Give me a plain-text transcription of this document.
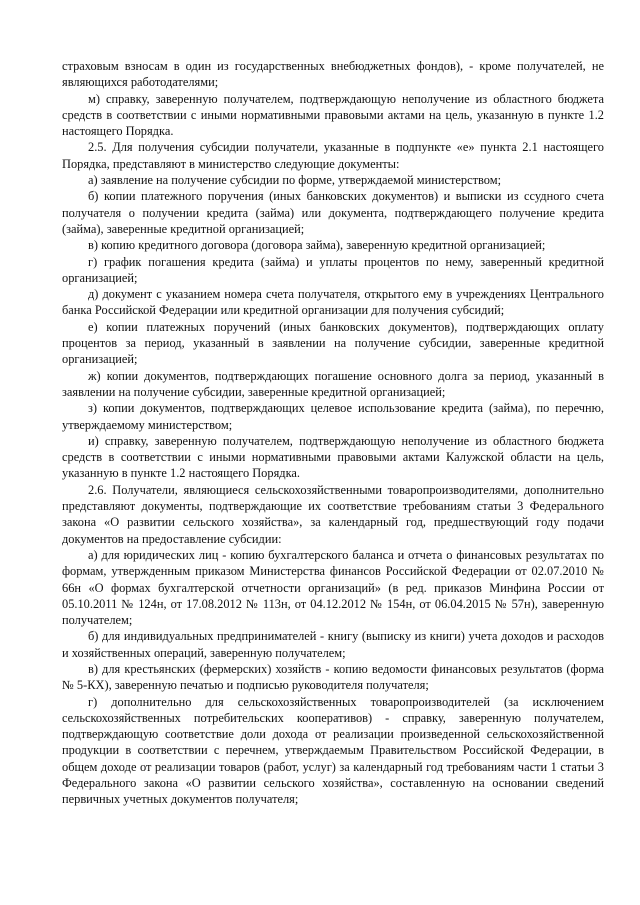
страховым взносам в один из государственных внебюджетных фондов), - кроме получателей, не являющихся работодателями;

м) справку, заверенную получателем, подтверждающую неполучение из областного бюджета средств в соответствии с иными нормативными правовыми актами на цель, указанную в пункте 1.2 настоящего Порядка.

2.5. Для получения субсидии получатели, указанные в подпункте «е» пункта 2.1 настоящего Порядка, представляют в министерство следующие документы:

а) заявление на получение субсидии по форме, утверждаемой министерством;

б) копии платежного поручения (иных банковских документов) и выписки из ссудного счета получателя о получении кредита (займа) или документа, подтверждающего получение кредита (займа), заверенные кредитной организацией;

в) копию кредитного договора (договора займа), заверенную кредитной организацией;

г) график погашения кредита (займа) и уплаты процентов по нему, заверенный кредитной организацией;

д) документ с указанием номера счета получателя, открытого ему в учреждениях Центрального банка Российской Федерации или кредитной организации для получения субсидий;

е) копии платежных поручений (иных банковских документов), подтверждающих оплату процентов за период, указанный в заявлении на получение субсидии, заверенные кредитной организацией;

ж) копии документов, подтверждающих погашение основного долга за период, указанный в заявлении на получение субсидии, заверенные кредитной организацией;

з) копии документов, подтверждающих целевое использование кредита (займа), по перечню, утверждаемому министерством;

и) справку, заверенную получателем, подтверждающую неполучение из областного бюджета средств в соответствии с иными нормативными правовыми актами Калужской области на цель, указанную в пункте 1.2 настоящего Порядка.

2.6. Получатели, являющиеся сельскохозяйственными товаропроизводителями, дополнительно представляют документы, подтверждающие их соответствие требованиям статьи 3 Федерального закона «О развитии сельского хозяйства», за календарный год, предшествующий году подачи документов на предоставление субсидии:

а) для юридических лиц - копию бухгалтерского баланса и отчета о финансовых результатах по формам, утвержденным приказом Министерства финансов Российской Федерации от 02.07.2010 № 66н «О формах бухгалтерской отчетности организаций» (в ред. приказов Минфина России от 05.10.2011 № 124н, от 17.08.2012 № 113н, от 04.12.2012 № 154н, от 06.04.2015 № 57н), заверенную получателем;

б) для индивидуальных предпринимателей - книгу (выписку из книги) учета доходов и расходов и хозяйственных операций, заверенную получателем;

в) для крестьянских (фермерских) хозяйств - копию ведомости финансовых результатов (форма № 5-КХ), заверенную печатью и подписью руководителя получателя;

г) дополнительно для сельскохозяйственных товаропроизводителей (за исключением сельскохозяйственных потребительских кооперативов) - справку, заверенную получателем, подтверждающую соответствие доли дохода от реализации произведенной сельскохозяйственной продукции в соответствии с перечнем, утверждаемым Правительством Российской Федерации, в общем доходе от реализации товаров (работ, услуг) за календарный год требованиям части 1 статьи 3 Федерального закона «О развитии сельского хозяйства», составленную на основании сведений первичных учетных документов получателя;
